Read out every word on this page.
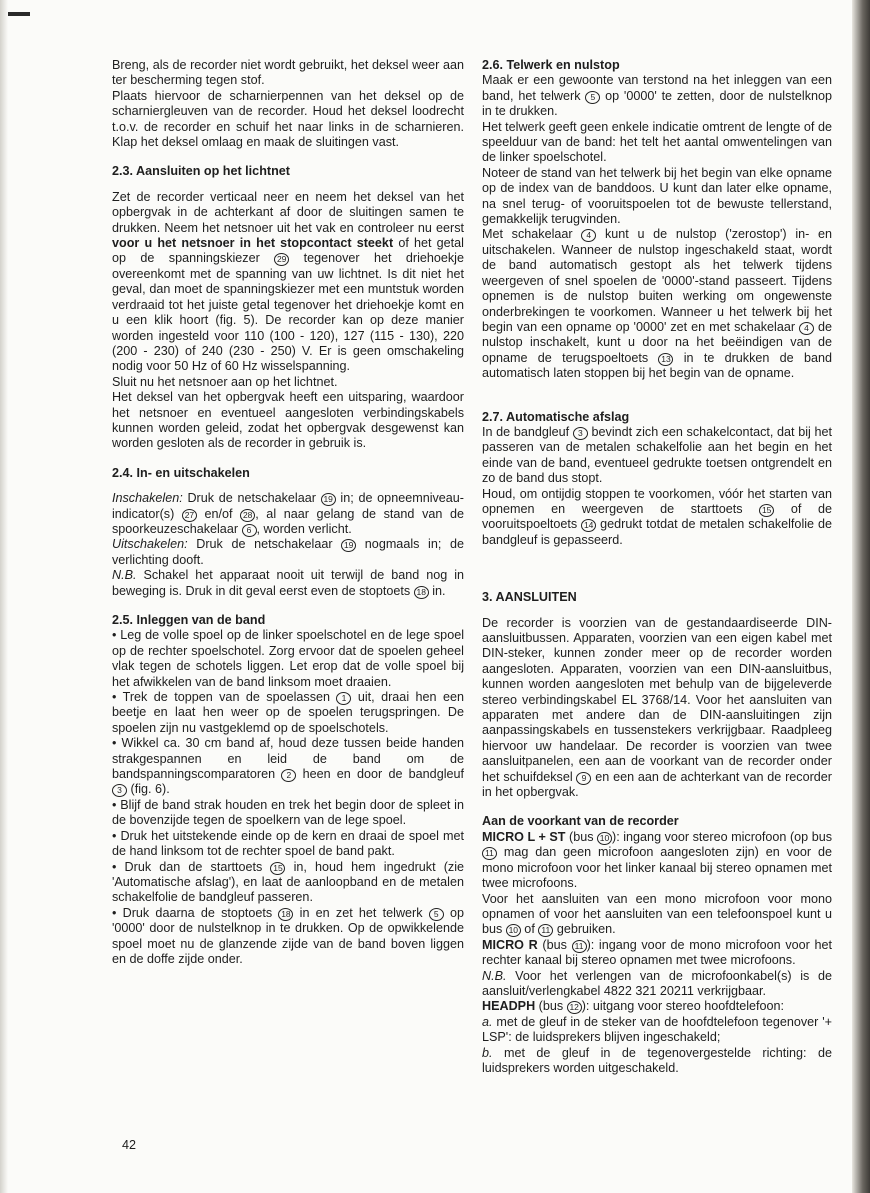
Breng, als de recorder niet wordt gebruikt, het deksel weer aan ter bescherming tegen stof.

Plaats hiervoor de scharnierpennen van het deksel op de scharniergleuven van de recorder. Houd het deksel loodrecht t.o.v. de recorder en schuif het naar links in de scharnieren. Klap het deksel omlaag en maak de sluitingen vast.

2.3. Aansluiten op het lichtnet

Zet de recorder verticaal neer en neem het deksel van het opbergvak in de achterkant af door de sluitingen samen te drukken. Neem het netsnoer uit het vak en controleer nu eerst voor u het netsnoer in het stopcontact steekt of het getal op de spanningskiezer 29 tegenover het driehoekje overeenkomt met de spanning van uw lichtnet. Is dit niet het geval, dan moet de spanningskiezer met een muntstuk worden verdraaid tot het juiste getal tegenover het driehoekje komt en u een klik hoort (fig. 5). De recorder kan op deze manier worden ingesteld voor 110 (100 - 120), 127 (115 - 130), 220 (200 - 230) of 240 (230 - 250) V. Er is geen omschakeling nodig voor 50 Hz of 60 Hz wisselspanning.

Sluit nu het netsnoer aan op het lichtnet.

Het deksel van het opbergvak heeft een uitsparing, waardoor het netsnoer en eventueel aangesloten verbindingskabels kunnen worden geleid, zodat het opbergvak desgewenst kan worden gesloten als de recorder in gebruik is.

2.4. In- en uitschakelen

Inschakelen: Druk de netschakelaar 19 in; de opneemniveau-indicator(s) 27 en/of 28 , al naar gelang de stand van de spoorkeuzeschakelaar 6 , worden verlicht.

Uitschakelen: Druk de netschakelaar 19 nogmaals in; de verlichting dooft.

N.B. Schakel het apparaat nooit uit terwijl de band nog in beweging is. Druk in dit geval eerst even de stoptoets 18 in.

2.5. Inleggen van de band

• Leg de volle spoel op de linker spoelschotel en de lege spoel op de rechter spoelschotel. Zorg ervoor dat de spoelen geheel vlak tegen de schotels liggen. Let erop dat de volle spoel bij het afwikkelen van de band linksom moet draaien.

• Trek de toppen van de spoelassen 1 uit, draai hen een beetje en laat hen weer op de spoelen terugspringen. De spoelen zijn nu vastgeklemd op de spoelschotels.

• Wikkel ca. 30 cm band af, houd deze tussen beide handen strakgespannen en leid de band om de bandspanningscomparatoren 2 heen en door de bandgleuf 3 (fig. 6).

• Blijf de band strak houden en trek het begin door de spleet in de bovenzijde tegen de spoelkern van de lege spoel.

• Druk het uitstekende einde op de kern en draai de spoel met de hand linksom tot de rechter spoel de band pakt.

• Druk dan de starttoets 15 in, houd hem ingedrukt (zie 'Automatische afslag'), en laat de aanloopband en de metalen schakelfolie de bandgleuf passeren.

• Druk daarna de stoptoets 18 in en zet het telwerk 5 op '0000' door de nulstelknop in te drukken. Op de opwikkelende spoel moet nu de glanzende zijde van de band boven liggen en de doffe zijde onder.

2.6. Telwerk en nulstop

Maak er een gewoonte van terstond na het inleggen van een band, het telwerk 5 op '0000' te zetten, door de nulstelknop in te drukken.

Het telwerk geeft geen enkele indicatie omtrent de lengte of de speelduur van de band: het telt het aantal omwentelingen van de linker spoelschotel.

Noteer de stand van het telwerk bij het begin van elke opname op de index van de banddoos. U kunt dan later elke opname, na snel terug- of vooruitspoelen tot de bewuste tellerstand, gemakkelijk terugvinden.

Met schakelaar 4 kunt u de nulstop ('zerostop') in- en uitschakelen. Wanneer de nulstop ingeschakeld staat, wordt de band automatisch gestopt als het telwerk tijdens weergeven of snel spoelen de '0000'-stand passeert. Tijdens opnemen is de nulstop buiten werking om ongewenste onderbrekingen te voorkomen. Wanneer u het telwerk bij het begin van een opname op '0000' zet en met schakelaar 4 de nulstop inschakelt, kunt u door na het beëindigen van de opname de terugspoeltoets 13 in te drukken de band automatisch laten stoppen bij het begin van de opname.

2.7. Automatische afslag

In de bandgleuf 3 bevindt zich een schakelcontact, dat bij het passeren van de metalen schakelfolie aan het begin en het einde van de band, eventueel gedrukte toetsen ontgrendelt en zo de band dus stopt.

Houd, om ontijdig stoppen te voorkomen, vóór het starten van opnemen en weergeven de starttoets 15 of de vooruitspoeltoets 14 gedrukt totdat de metalen schakelfolie de bandgleuf is gepasseerd.

3. AANSLUITEN

De recorder is voorzien van de gestandaardiseerde DIN-aansluitbussen. Apparaten, voorzien van een eigen kabel met DIN-steker, kunnen zonder meer op de recorder worden aangesloten. Apparaten, voorzien van een DIN-aansluitbus, kunnen worden aangesloten met behulp van de bijgeleverde stereo verbindingskabel EL 3768/14. Voor het aansluiten van apparaten met andere dan de DIN-aansluitingen zijn aanpassingskabels en tussenstekers verkrijgbaar. Raadpleeg hiervoor uw handelaar. De recorder is voorzien van twee aansluitpanelen, een aan de voorkant van de recorder onder het schuifdeksel 9 en een aan de achterkant van de recorder in het opbergvak.

Aan de voorkant van de recorder

MICRO L + ST (bus 10 ): ingang voor stereo microfoon (op bus 11 mag dan geen microfoon aangesloten zijn) en voor de mono microfoon voor het linker kanaal bij stereo opnamen met twee microfoons.

Voor het aansluiten van een mono microfoon voor mono opnamen of voor het aansluiten van een telefoonspoel kunt u bus 10 of 11 gebruiken.

MICRO R (bus 11 ): ingang voor de mono microfoon voor het rechter kanaal bij stereo opnamen met twee microfoons.

N.B. Voor het verlengen van de microfoonkabel(s) is de aansluit/verlengkabel 4822 321 20211 verkrijgbaar.

HEADPH (bus 12 ): uitgang voor stereo hoofdtelefoon:

a. met de gleuf in de steker van de hoofdtelefoon tegenover '+ LSP': de luidsprekers blijven ingeschakeld;

b. met de gleuf in de tegenovergestelde richting: de luidsprekers worden uitgeschakeld.

42
